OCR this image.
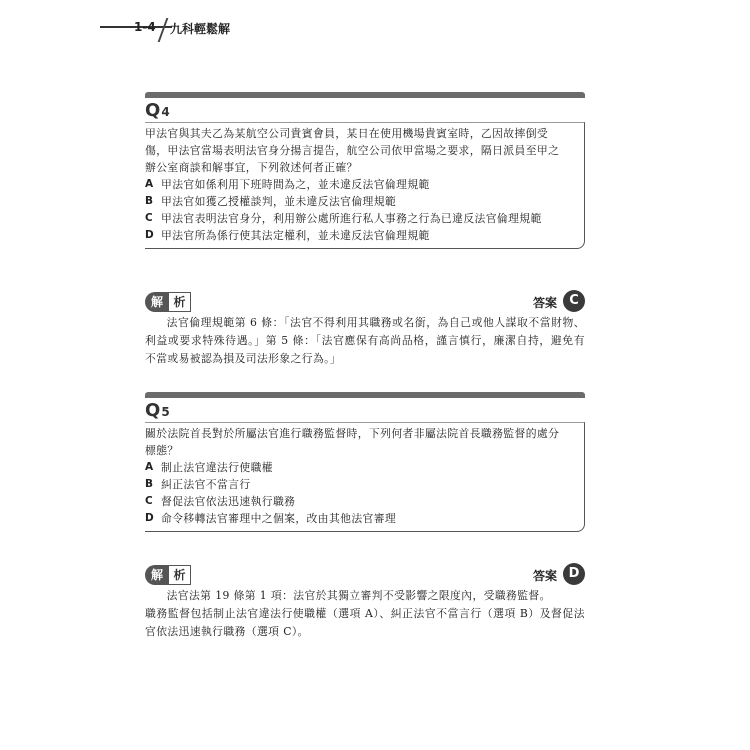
1-4 九科輕鬆解
Q4

甲法官與其夫乙為某航空公司貴賓會員，某日在使用機場貴賓室時，乙因故摔倒受傷，甲法官當場表明法官身分揚言提告，航空公司依甲當場之要求，隔日派員至甲之辦公室商談和解事宜，下列敘述何者正確？

A 甲法官如係利用下班時間為之，並未違反法官倫理規範
B 甲法官如獲乙授權談判，並未違反法官倫理規範
C 甲法官表明法官身分，利用辦公處所進行私人事務之行為已違反法官倫理規範
D 甲法官所為係行使其法定權利，並未違反法官倫理規範
解 析	答案 C

法官倫理規範第 6 條：「法官不得利用其職務或名銜，為自己或他人謀取不當財物、利益或要求特殊待遇。」第 5 條：「法官應保有高尚品格，謹言慎行，廉潔自持，避免有不當或易被認為損及司法形象之行為。」

Q5

關於法院首長對於所屬法官進行職務監督時，下列何者非屬法院首長職務監督的處分標態？

A 制止法官違法行使職權
B 糾正法官不當言行
C 督促法官依法迅速執行職務
D 命令移轉法官審理中之個案，改由其他法官審理
解 析	答案 D

法官法第 19 條第 1 項：法官於其獨立審判不受影響之限度內，受職務監督。

職務監督包括制止法官違法行使職權（選項 A）、糾正法官不當言行（選項 B）及督促法官依法迅速執行職務（選項 C）。
